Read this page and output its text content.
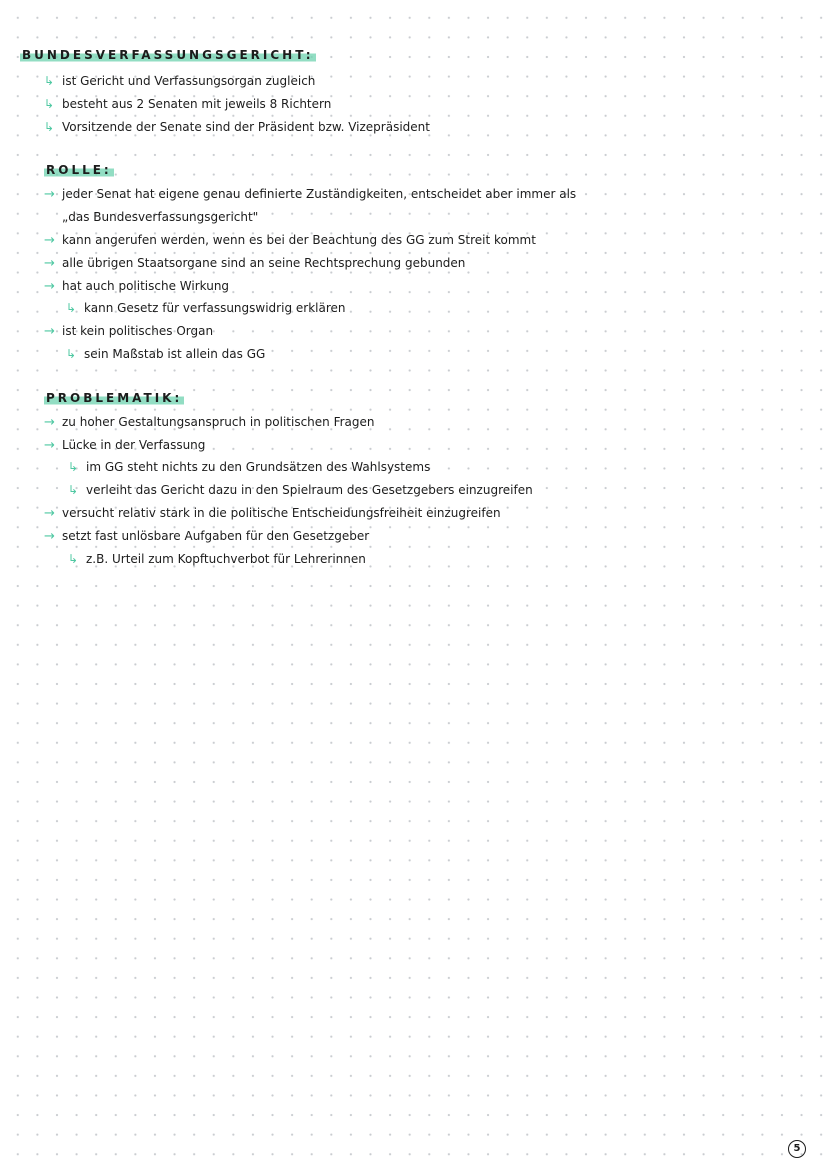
BUNDESVERFASSUNGSGERICHT:
↳ ist Gericht und Verfassungsorgan zugleich
↳ besteht aus 2 Senaten mit jeweils 8 Richtern
↳ Vorsitzende der Senate sind der Präsident bzw. Vizepräsident
ROLLE:
→ jeder Senat hat eigene genau definierte Zuständigkeiten, entscheidet aber immer als
„das Bundesverfassungsgericht"
→ kann angerufen werden, wenn es bei der Beachtung des GG zum Streit kommt
→ alle übrigen Staatsorgane sind an seine Rechtsprechung gebunden
→ hat auch politische Wirkung
↳ kann Gesetz für verfassungswidrig erklären
→ ist kein politisches Organ
↳ sein Maßstab ist allein das GG
PROBLEMATIK:
→ zu hoher Gestaltungsanspruch in politischen Fragen
→ Lücke in der Verfassung
↳ im GG steht nichts zu den Grundsätzen des Wahlsystems
↳ verleiht das Gericht dazu in den Spielraum des Gesetzgebers einzugreifen
→ versucht relativ stark in die politische Entscheidungsfreiheit einzugreifen
→ setzt fast unlösbare Aufgaben für den Gesetzgeber
↳ z.B. Urteil zum Kopftuchverbot für Lehrerinnen
5
